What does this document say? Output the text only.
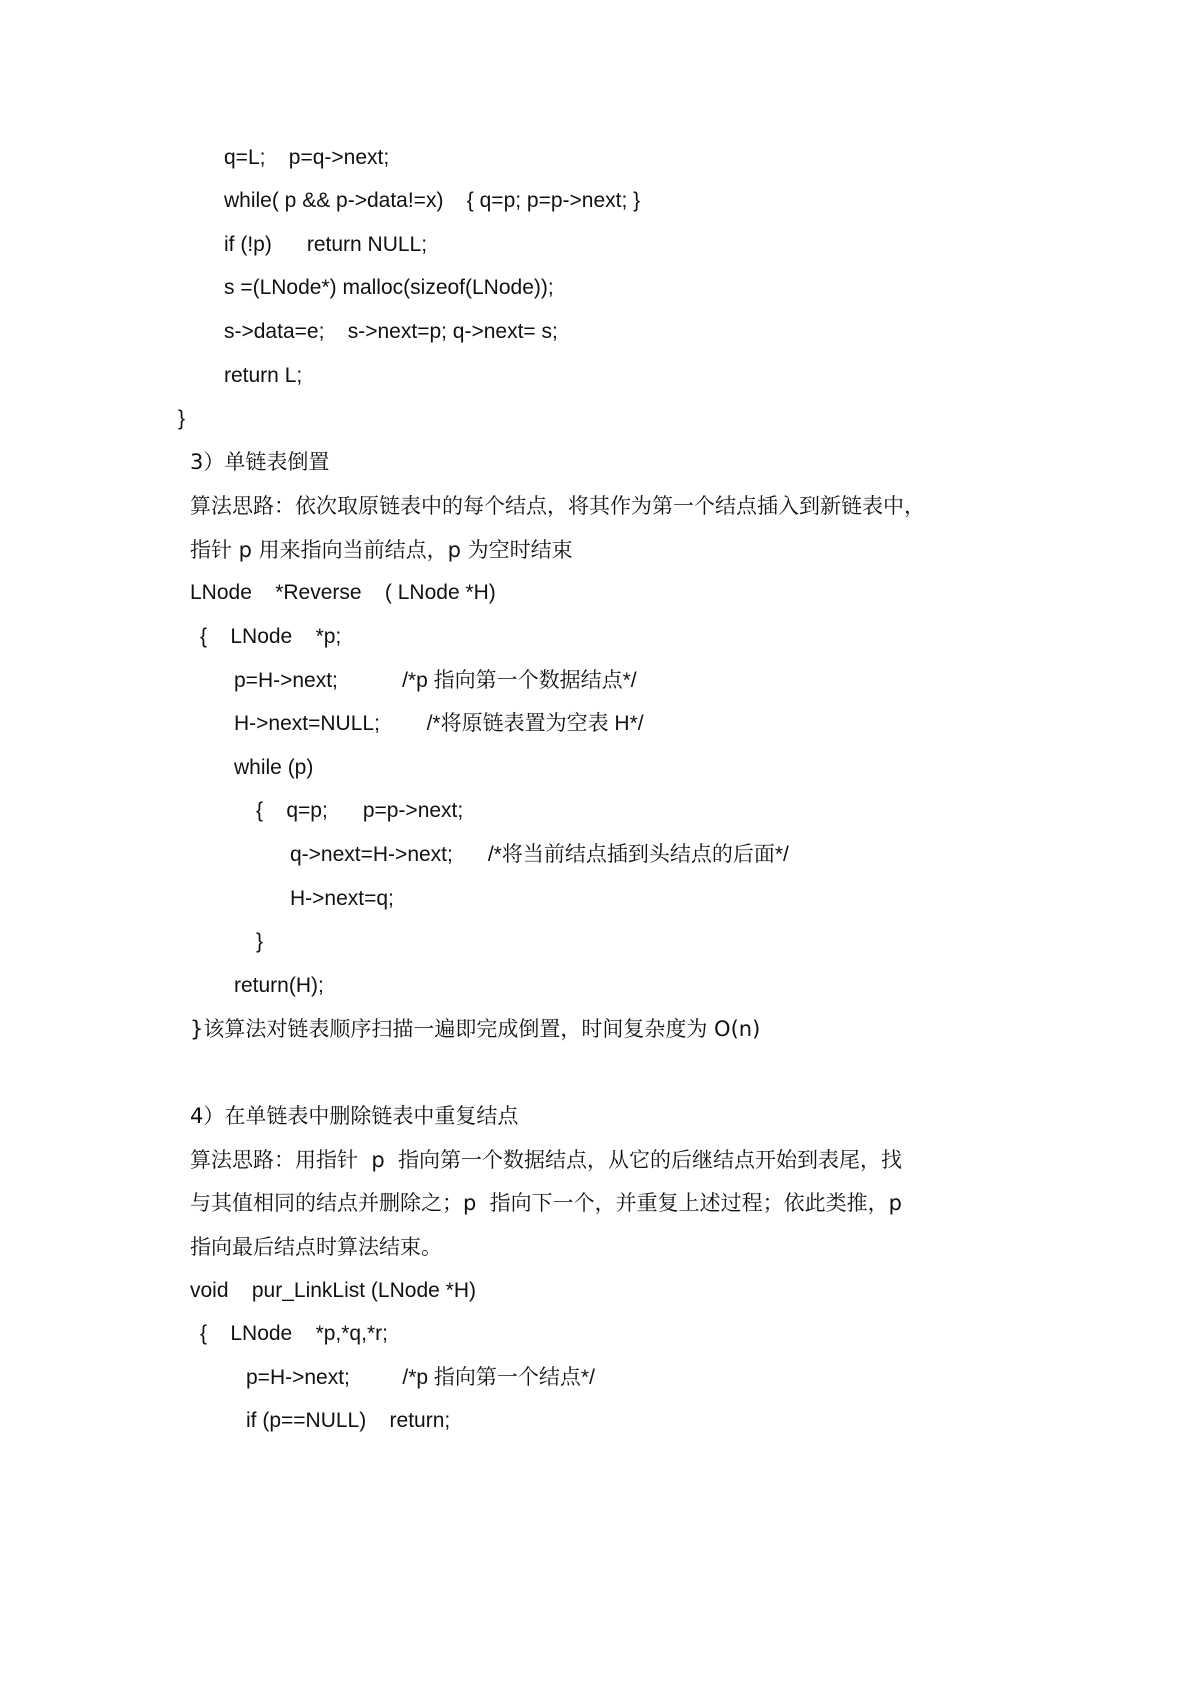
q=L;    p=q->next;
while( p && p->data!=x)    { q=p; p=p->next; }
if (!p)      return NULL;
s =(LNode*) malloc(sizeof(LNode));
s->data=e;    s->next=p; q->next= s;
return L;
}
3）单链表倒置
算法思路：依次取原链表中的每个结点，将其作为第一个结点插入到新链表中，
指针 p 用来指向当前结点，p 为空时结束
LNode    *Reverse    ( LNode *H)
{    LNode    *p;
p=H->next;           /*p 指向第一个数据结点*/
H->next=NULL;        /*将原链表置为空表 H*/
while (p)
{    q=p;      p=p->next;
q->next=H->next;      /*将当前结点插到头结点的后面*/
H->next=q;
}
return(H);
}该算法对链表顺序扫描一遍即完成倒置，时间复杂度为 O(n)
4）在单链表中删除链表中重复结点
算法思路：用指针  p  指向第一个数据结点，从它的后继结点开始到表尾，找
与其值相同的结点并删除之；p  指向下一个，并重复上述过程；依此类推，p
指向最后结点时算法结束。
void    pur_LinkList (LNode *H)
{    LNode    *p,*q,*r;
p=H->next;         /*p 指向第一个结点*/
if (p==NULL)    return;
